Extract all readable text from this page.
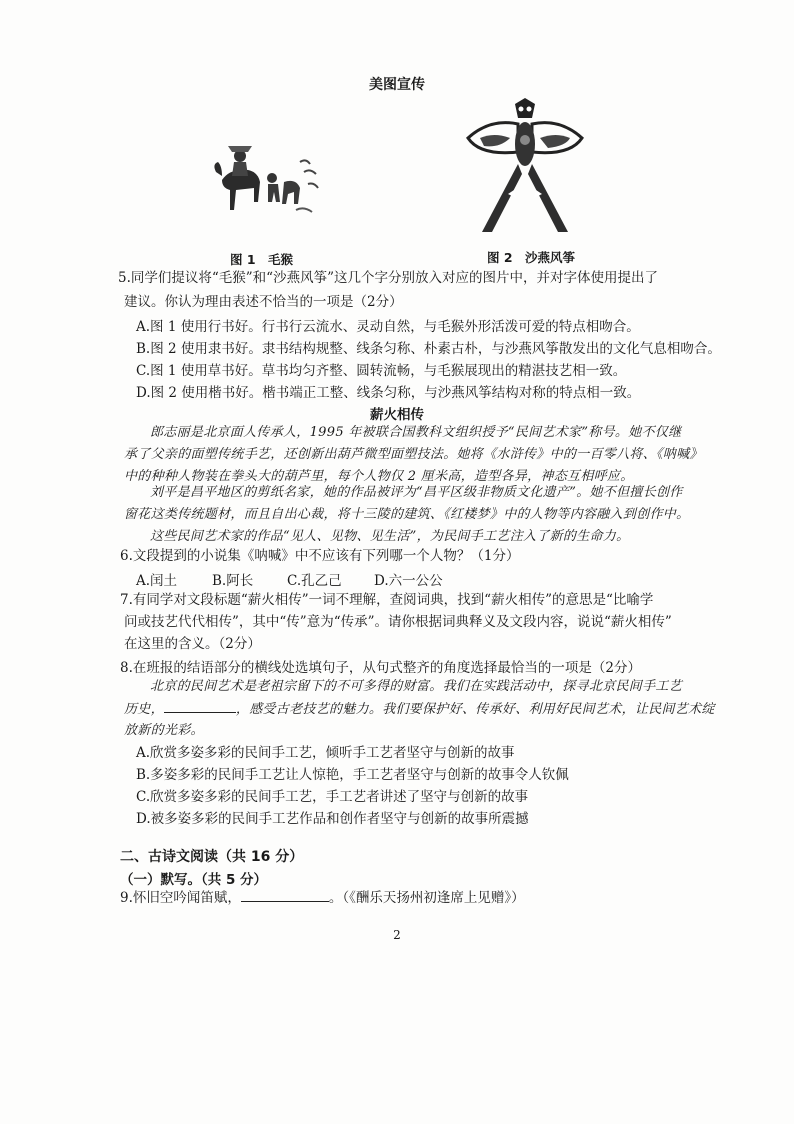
美图宣传
图 1　毛猴	图 2　沙燕风筝
5.同学们提议将“毛猴”和“沙燕风筝”这几个字分别放入对应的图片中，并对字体使用提出了
建议。你认为理由表述不恰当的一项是（2分）
A.图 1 使用行书好。行书行云流水、灵动自然，与毛猴外形活泼可爱的特点相吻合。
B.图 2 使用隶书好。隶书结构规整、线条匀称、朴素古朴，与沙燕风筝散发出的文化气息相吻合。
C.图 1 使用草书好。草书均匀齐整、圆转流畅，与毛猴展现出的精湛技艺相一致。
D.图 2 使用楷书好。楷书端正工整、线条匀称，与沙燕风筝结构对称的特点相一致。
薪火相传
郎志丽是北京面人传承人，1995 年被联合国教科文组织授予“民间艺术家”称号。她不仅继
承了父亲的面塑传统手艺，还创新出葫芦微型面塑技法。她将《水浒传》中的一百零八将、《呐喊》
中的种种人物装在拳头大的葫芦里，每个人物仅 2 厘米高，造型各异，神态互相呼应。
刘平是昌平地区的剪纸名家，她的作品被评为“昌平区级非物质文化遗产”。她不但擅长创作
窗花这类传统题材，而且自出心裁，将十三陵的建筑、《红楼梦》中的人物等内容融入到创作中。
这些民间艺术家的作品“见人、见物、见生活”，为民间手工艺注入了新的生命力。
6.文段提到的小说集《呐喊》中不应该有下列哪一个人物？（1分）
A.闰土	B.阿长	C.孔乙己 D.六一公公
7.有同学对文段标题“薪火相传”一词不理解，查阅词典，找到“薪火相传”的意思是“比喻学
问或技艺代代相传”，其中“传”意为“传承”。请你根据词典释义及文段内容，说说“薪火相传”
在这里的含义。（2分）
8.在班报的结语部分的横线处选填句子，从句式整齐的角度选择最恰当的一项是（2分）
北京的民间艺术是老祖宗留下的不可多得的财富。我们在实践活动中，探寻北京民间手工艺
历史，	，感受古老技艺的魅力。我们要保护好、传承好、利用好民间艺术，让民间艺术绽
放新的光彩。
A.欣赏多姿多彩的民间手工艺，倾听手工艺者坚守与创新的故事
B.多姿多彩的民间手工艺让人惊艳，手工艺者坚守与创新的故事令人钦佩
C.欣赏多姿多彩的民间手工艺，手工艺者讲述了坚守与创新的故事
D.被多姿多彩的民间手工艺作品和创作者坚守与创新的故事所震撼
二、古诗文阅读（共 16 分）
（一）默写。（共 5 分）
9.怀旧空吟闻笛赋，	。（《酬乐天扬州初逢席上见赠》）
2
